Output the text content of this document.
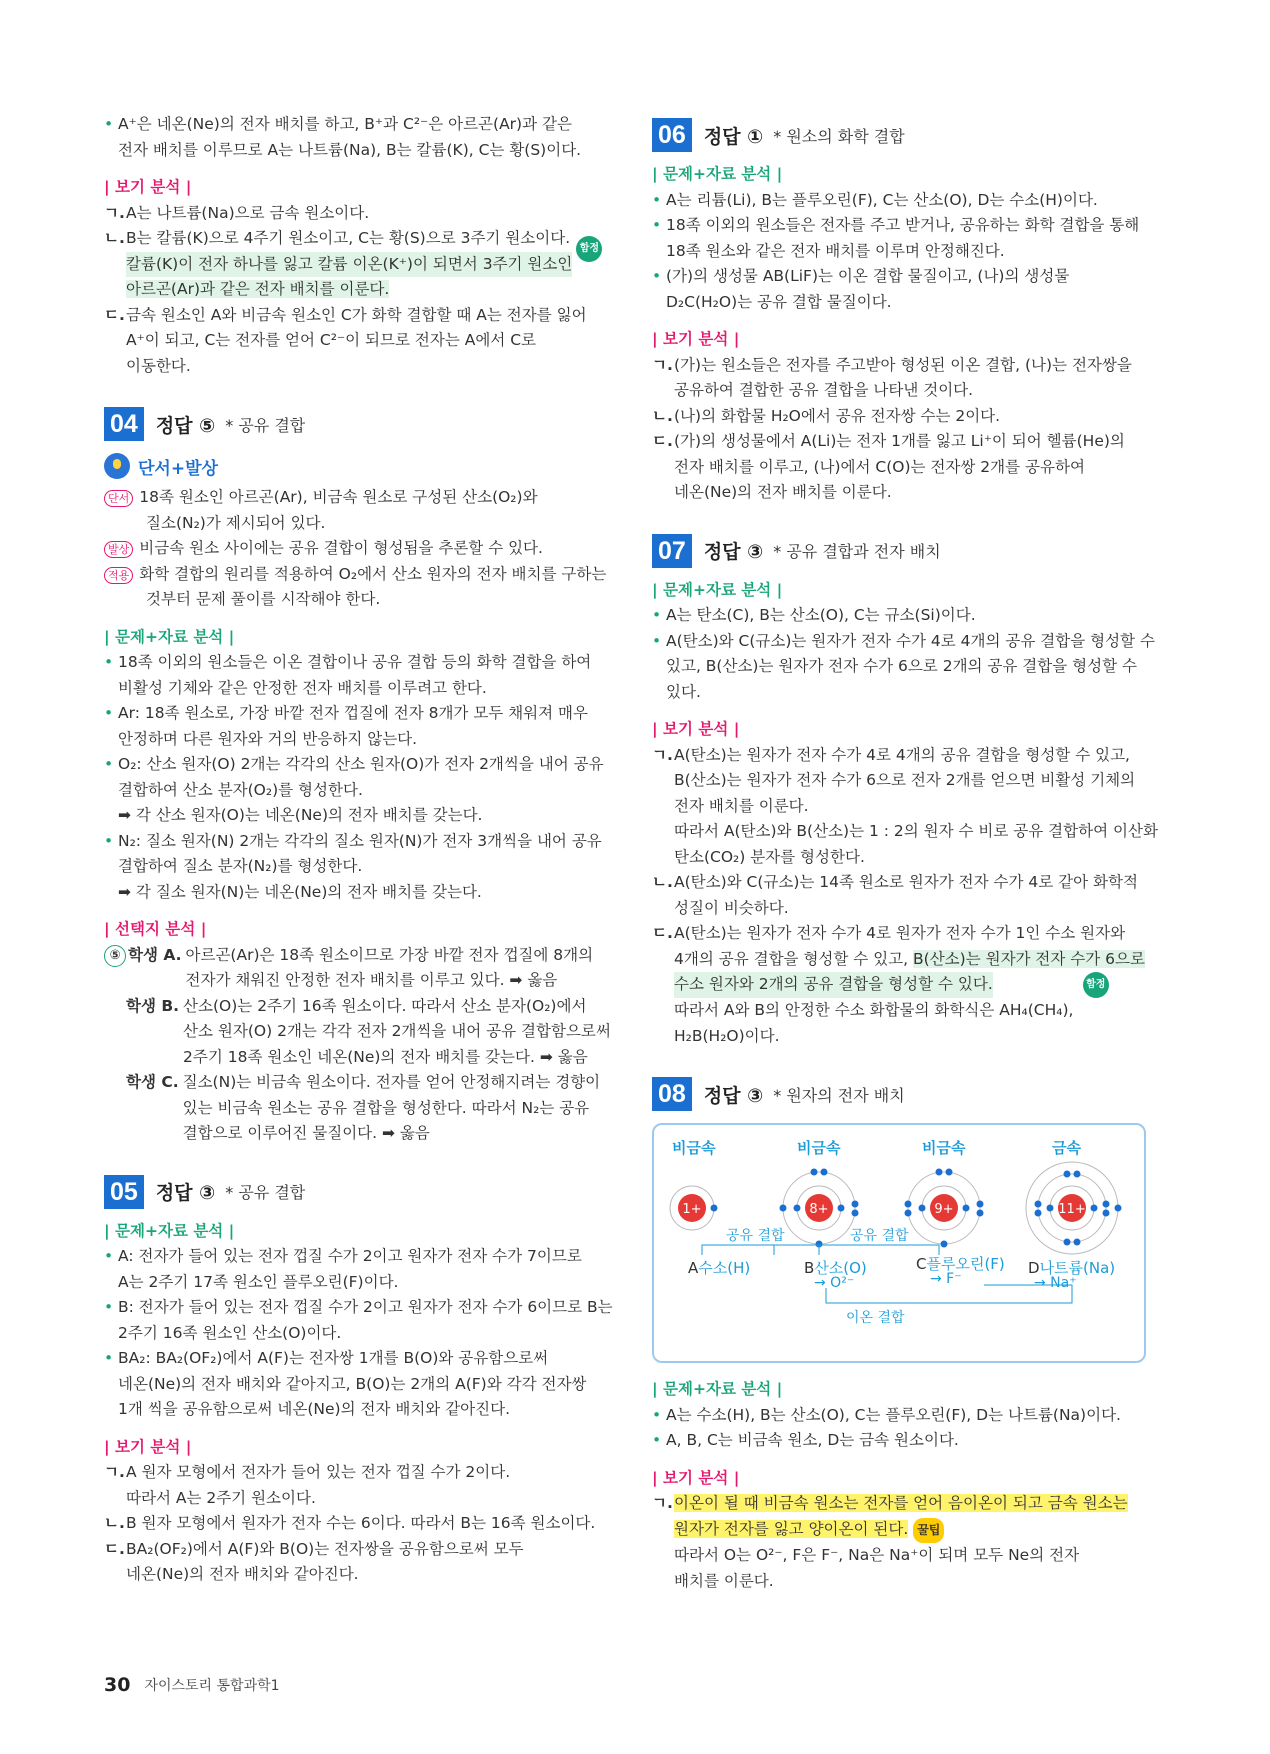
• A⁺은 네온(Ne)의 전자 배치를 하고, B⁺과 C²⁻은 아르곤(Ar)과 같은
전자 배치를 이루므로 A는 나트륨(Na), B는 칼륨(K), C는 황(S)이다.
| 보기 분석 |
ㄱ. A는 나트륨(Na)으로 금속 원소이다.
ㄴ. B는 칼륨(K)으로 4주기 원소이고, C는 황(S)으로 3주기 원소이다.
칼륨(K)이 전자 하나를 잃고 칼륨 이온(K⁺)이 되면서 3주기 원소인
함정
아르곤(Ar)과 같은 전자 배치를 이룬다.
ㄷ. 금속 원소인 A와 비금속 원소인 C가 화학 결합할 때 A는 전자를 잃어
A⁺이 되고, C는 전자를 얻어 C²⁻이 되므로 전자는 A에서 C로
이동한다.
04 정답 ⑤ * 공유 결합
단서+발상
단서 18족 원소인 아르곤(Ar), 비금속 원소로 구성된 산소(O₂)와
질소(N₂)가 제시되어 있다.
발상 비금속 원소 사이에는 공유 결합이 형성됨을 추론할 수 있다.
적용 화학 결합의 원리를 적용하여 O₂에서 산소 원자의 전자 배치를 구하는
것부터 문제 풀이를 시작해야 한다.
| 문제+자료 분석 |
• 18족 이외의 원소들은 이온 결합이나 공유 결합 등의 화학 결합을 하여
비활성 기체와 같은 안정한 전자 배치를 이루려고 한다.
• Ar: 18족 원소로, 가장 바깥 전자 껍질에 전자 8개가 모두 채워져 매우
안정하며 다른 원자와 거의 반응하지 않는다.
• O₂: 산소 원자(O) 2개는 각각의 산소 원자(O)가 전자 2개씩을 내어 공유
결합하여 산소 분자(O₂)를 형성한다.
➡ 각 산소 원자(O)는 네온(Ne)의 전자 배치를 갖는다.
• N₂: 질소 원자(N) 2개는 각각의 질소 원자(N)가 전자 3개씩을 내어 공유
결합하여 질소 분자(N₂)를 형성한다.
➡ 각 질소 원자(N)는 네온(Ne)의 전자 배치를 갖는다.
| 선택지 분석 |
⑤ 학생 A. 아르곤(Ar)은 18족 원소이므로 가장 바깥 전자 껍질에 8개의
전자가 채워진 안정한 전자 배치를 이루고 있다. ➡ 옳음
학생 B. 산소(O)는 2주기 16족 원소이다. 따라서 산소 분자(O₂)에서
산소 원자(O) 2개는 각각 전자 2개씩을 내어 공유 결합함으로써
2주기 18족 원소인 네온(Ne)의 전자 배치를 갖는다. ➡ 옳음
학생 C. 질소(N)는 비금속 원소이다. 전자를 얻어 안정해지려는 경향이
있는 비금속 원소는 공유 결합을 형성한다. 따라서 N₂는 공유
결합으로 이루어진 물질이다. ➡ 옳음
05 정답 ③ * 공유 결합
| 문제+자료 분석 |
• A: 전자가 들어 있는 전자 껍질 수가 2이고 원자가 전자 수가 7이므로
A는 2주기 17족 원소인 플루오린(F)이다.
• B: 전자가 들어 있는 전자 껍질 수가 2이고 원자가 전자 수가 6이므로 B는
2주기 16족 원소인 산소(O)이다.
• BA₂: BA₂(OF₂)에서 A(F)는 전자쌍 1개를 B(O)와 공유함으로써
네온(Ne)의 전자 배치와 같아지고, B(O)는 2개의 A(F)와 각각 전자쌍
1개 씩을 공유함으로써 네온(Ne)의 전자 배치와 같아진다.
| 보기 분석 |
ㄱ. A 원자 모형에서 전자가 들어 있는 전자 껍질 수가 2이다.
따라서 A는 2주기 원소이다.
ㄴ. B 원자 모형에서 원자가 전자 수는 6이다. 따라서 B는 16족 원소이다.
ㄷ. BA₂(OF₂)에서 A(F)와 B(O)는 전자쌍을 공유함으로써 모두
네온(Ne)의 전자 배치와 같아진다.
06 정답 ① * 원소의 화학 결합
| 문제+자료 분석 |
• A는 리튬(Li), B는 플루오린(F), C는 산소(O), D는 수소(H)이다.
• 18족 이외의 원소들은 전자를 주고 받거나, 공유하는 화학 결합을 통해
18족 원소와 같은 전자 배치를 이루며 안정해진다.
• (가)의 생성물 AB(LiF)는 이온 결합 물질이고, (나)의 생성물
D₂C(H₂O)는 공유 결합 물질이다.
| 보기 분석 |
ㄱ. (가)는 원소들은 전자를 주고받아 형성된 이온 결합, (나)는 전자쌍을
공유하여 결합한 공유 결합을 나타낸 것이다.
ㄴ. (나)의 화합물 H₂O에서 공유 전자쌍 수는 2이다.
ㄷ. (가)의 생성물에서 A(Li)는 전자 1개를 잃고 Li⁺이 되어 헬륨(He)의
전자 배치를 이루고, (나)에서 C(O)는 전자쌍 2개를 공유하여
네온(Ne)의 전자 배치를 이룬다.
07 정답 ③ * 공유 결합과 전자 배치
| 문제+자료 분석 |
• A는 탄소(C), B는 산소(O), C는 규소(Si)이다.
• A(탄소)와 C(규소)는 원자가 전자 수가 4로 4개의 공유 결합을 형성할 수
있고, B(산소)는 원자가 전자 수가 6으로 2개의 공유 결합을 형성할 수
있다.
| 보기 분석 |
ㄱ. A(탄소)는 원자가 전자 수가 4로 4개의 공유 결합을 형성할 수 있고,
B(산소)는 원자가 전자 수가 6으로 전자 2개를 얻으면 비활성 기체의
전자 배치를 이룬다.
따라서 A(탄소)와 B(산소)는 1 : 2의 원자 수 비로 공유 결합하여 이산화
탄소(CO₂) 분자를 형성한다.
ㄴ. A(탄소)와 C(규소)는 14족 원소로 원자가 전자 수가 4로 같아 화학적
성질이 비슷하다.
ㄷ. A(탄소)는 원자가 전자 수가 4로 원자가 전자 수가 1인 수소 원자와
4개의 공유 결합을 형성할 수 있고, B(산소)는 원자가 전자 수가 6으로
수소 원자와 2개의 공유 결합을 형성할 수 있다.	함정
따라서 A와 B의 안정한 수소 화합물의 화학식은 AH₄(CH₄),
H₂B(H₂O)이다.
08 정답 ③ * 원자의 전자 배치
비금속	비금속	비금속	금속
1+	8+	9+	11+
공유 결합	공유 결합
이온 결합
A수소(H)	B산소(O)	C플루오린(F) D나트륨(Na)
→ O²⁻	→ F⁻	→ Na⁺
| 문제+자료 분석 |
• A는 수소(H), B는 산소(O), C는 플루오린(F), D는 나트륨(Na)이다.
• A, B, C는 비금속 원소, D는 금속 원소이다.
| 보기 분석 |
ㄱ. 이온이 될 때 비금속 원소는 전자를 얻어 음이온이 되고 금속 원소는
원자가 전자를 잃고 양이온이 된다. 꿀팁
따라서 O는 O²⁻, F은 F⁻, Na은 Na⁺이 되며 모두 Ne의 전자
배치를 이룬다.
30 자이스토리 통합과학1
